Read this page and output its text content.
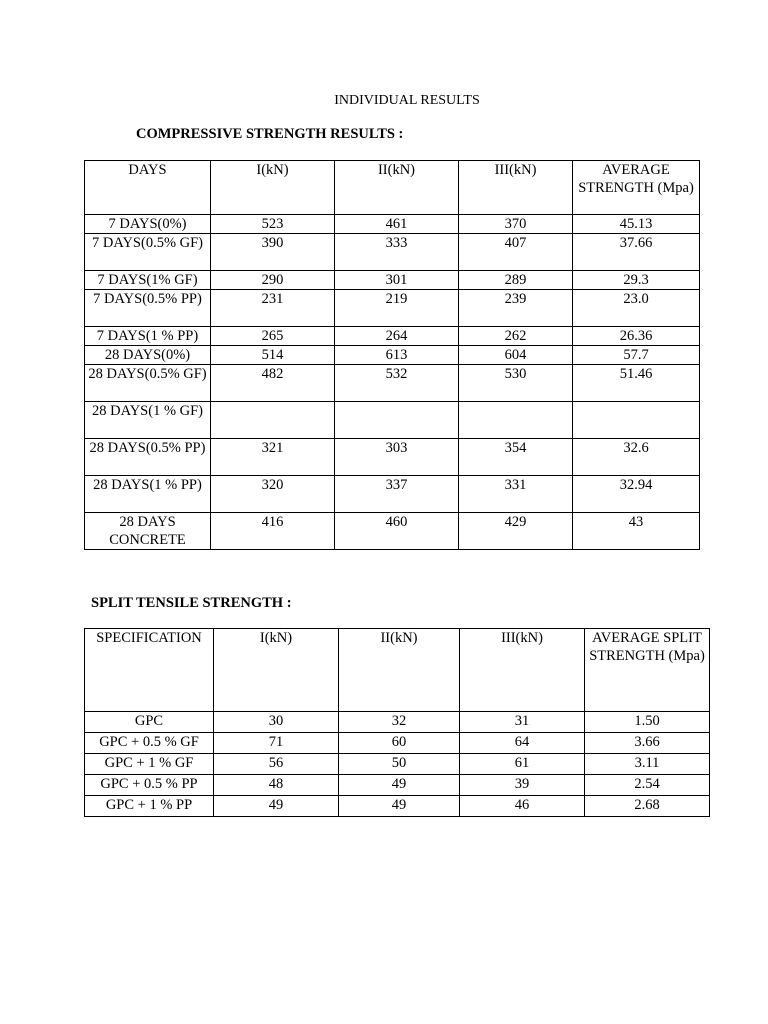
INDIVIDUAL RESULTS
COMPRESSIVE STRENGTH RESULTS :
DAYS	I(kN)	II(kN)	III(kN)	AVERAGE STRENGTH (Mpa)
7 DAYS(0%)	523	461	370	45.13
7 DAYS(0.5% GF)	390	333	407	37.66
7 DAYS(1% GF)	290	301	289	29.3
7 DAYS(0.5% PP)	231	219	239	23.0
7 DAYS(1 % PP)	265	264	262	26.36
28 DAYS(0%)	514	613	604	57.7
28 DAYS(0.5% GF)	482	532	530	51.46
28 DAYS(1 % GF)				
28 DAYS(0.5% PP)	321	303	354	32.6
28 DAYS(1 % PP)	320	337	331	32.94
28 DAYS CONCRETE	416	460	429	43
SPLIT TENSILE STRENGTH :
SPECIFICATION	I(kN)	II(kN)	III(kN)	AVERAGE SPLIT STRENGTH (Mpa)
GPC	30	32	31	1.50
GPC + 0.5 % GF	71	60	64	3.66
GPC + 1 % GF	56	50	61	3.11
GPC + 0.5 % PP	48	49	39	2.54
GPC + 1 % PP	49	49	46	2.68
